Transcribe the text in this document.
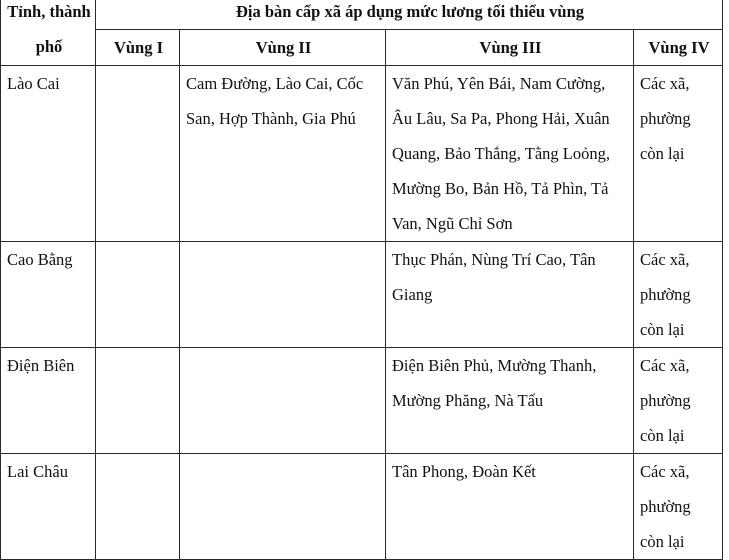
Tỉnh, thành phố	Địa bàn cấp xã áp dụng mức lương tối thiểu vùng			
	Vùng I	Vùng II	Vùng III	Vùng IV
Lào Cai		Cam Đường, Lào Cai, Cốc San, Hợp Thành, Gia Phú	Văn Phú, Yên Bái, Nam Cường, Âu Lâu, Sa Pa, Phong Hải, Xuân Quang, Bảo Thắng, Tằng Loỏng, Mường Bo, Bản Hồ, Tả Phìn, Tả Van, Ngũ Chỉ Sơn	Các xã, phường còn lại
Cao Bằng			Thục Phán, Nùng Trí Cao, Tân Giang	Các xã, phường còn lại
Điện Biên			Điện Biên Phủ, Mường Thanh, Mường Phăng, Nà Tấu	Các xã, phường còn lại
Lai Châu			Tân Phong, Đoàn Kết	Các xã, phường còn lại
